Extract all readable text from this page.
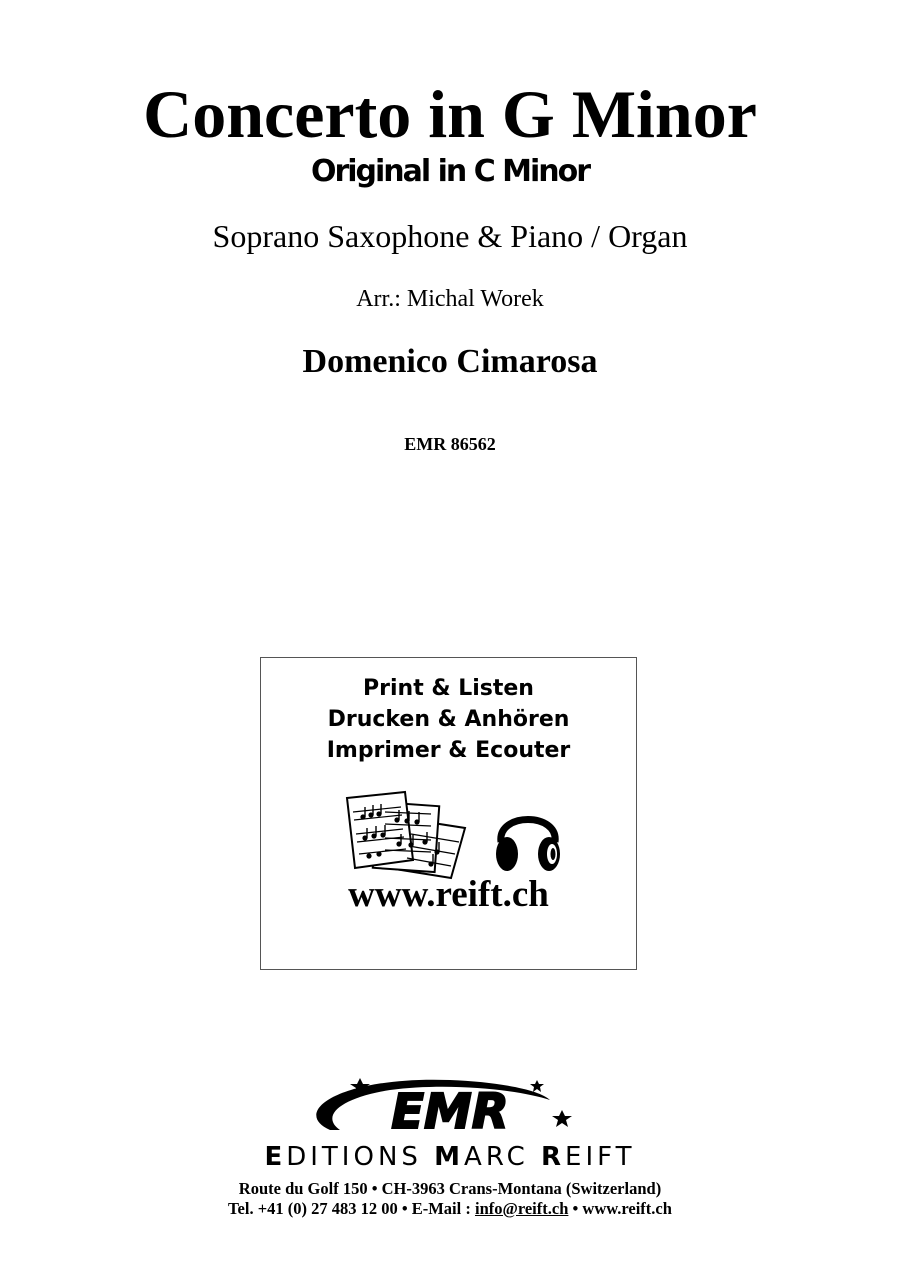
Concerto in G Minor
Original in C Minor
Soprano Saxophone & Piano / Organ
Arr.: Michal Worek
Domenico Cimarosa
EMR 86562
Print & Listen
Drucken & Anhören
Imprimer & Ecouter
www.reift.ch
EMR
EDITIONS MARC REIFT
Route du Golf 150 • CH-3963 Crans-Montana (Switzerland)
Tel. +41 (0) 27 483 12 00 • E-Mail : info@reift.ch • www.reift.ch
